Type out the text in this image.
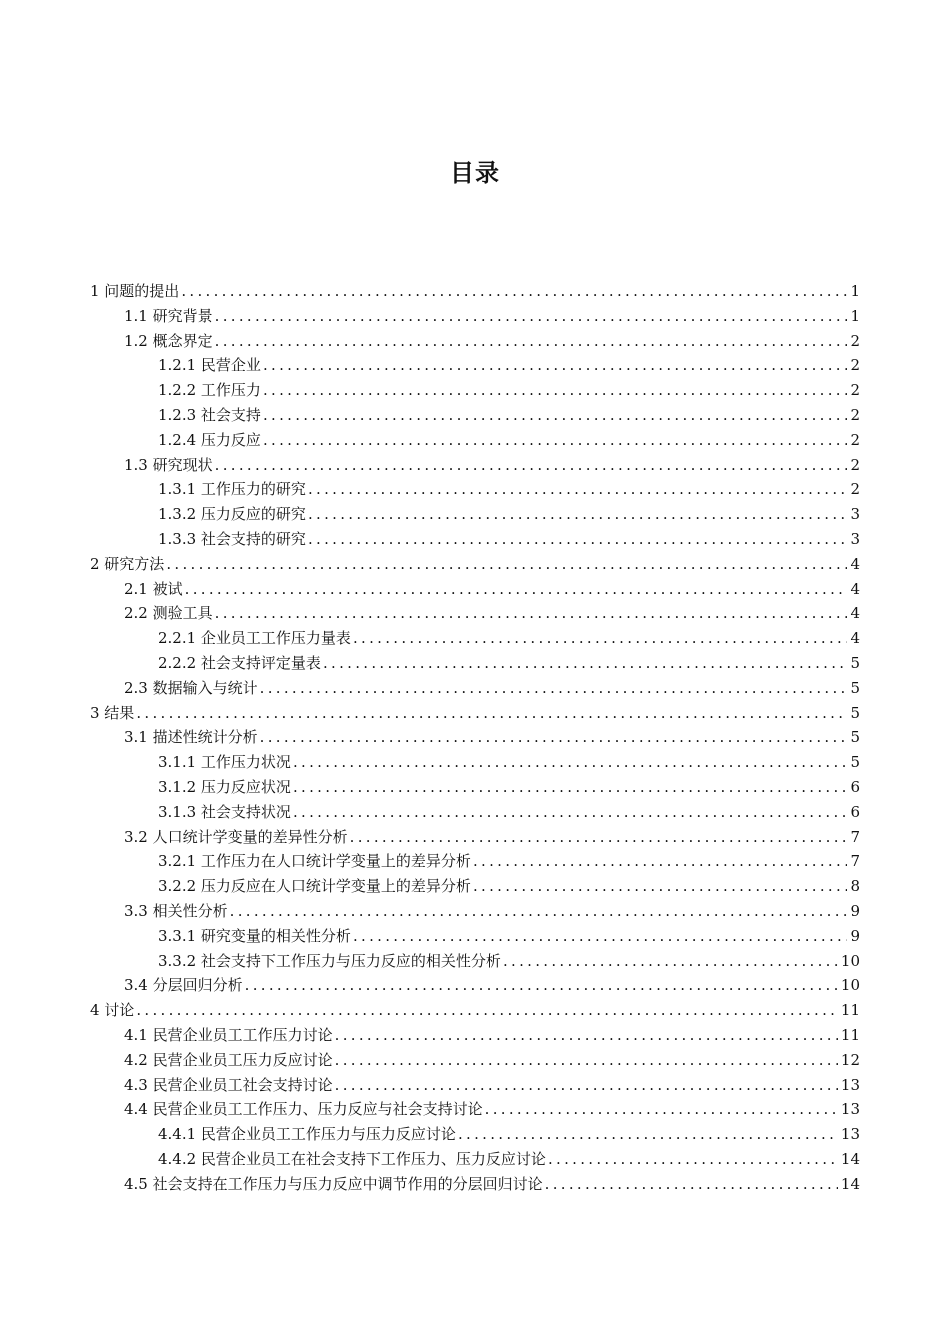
目录
1 问题的提出 .....	1
1.1 研究背景 .....	1
1.2 概念界定 .....	2
1.2.1 民营企业 .....	2
1.2.2 工作压力 .....	2
1.2.3 社会支持 .....	2
1.2.4 压力反应 .....	2
1.3 研究现状 .....	2
1.3.1 工作压力的研究 .....	2
1.3.2 压力反应的研究 .....	3
1.3.3 社会支持的研究 .....	3
2 研究方法 .....	4
2.1 被试 .....	4
2.2 测验工具 .....	4
2.2.1 企业员工工作压力量表 .....	4
2.2.2 社会支持评定量表 .....	5
2.3 数据输入与统计 .....	5
3 结果 .....	5
3.1 描述性统计分析 .....	5
3.1.1 工作压力状况 .....	5
3.1.2 压力反应状况 .....	6
3.1.3 社会支持状况 .....	6
3.2 人口统计学变量的差异性分析 .....	7
3.2.1 工作压力在人口统计学变量上的差异分析 .....	7
3.2.2 压力反应在人口统计学变量上的差异分析 .....	8
3.3 相关性分析 .....	9
3.3.1 研究变量的相关性分析 .....	9
3.3.2 社会支持下工作压力与压力反应的相关性分析 .....	10
3.4 分层回归分析 .....	10
4 讨论 .....	11
4.1 民营企业员工工作压力讨论 .....	11
4.2 民营企业员工压力反应讨论 .....	12
4.3 民营企业员工社会支持讨论 .....	13
4.4 民营企业员工工作压力、压力反应与社会支持讨论 .....	13
4.4.1 民营企业员工工作压力与压力反应讨论 .....	13
4.4.2 民营企业员工在社会支持下工作压力、压力反应讨论 .....	14
4.5 社会支持在工作压力与压力反应中调节作用的分层回归讨论 .....	14
